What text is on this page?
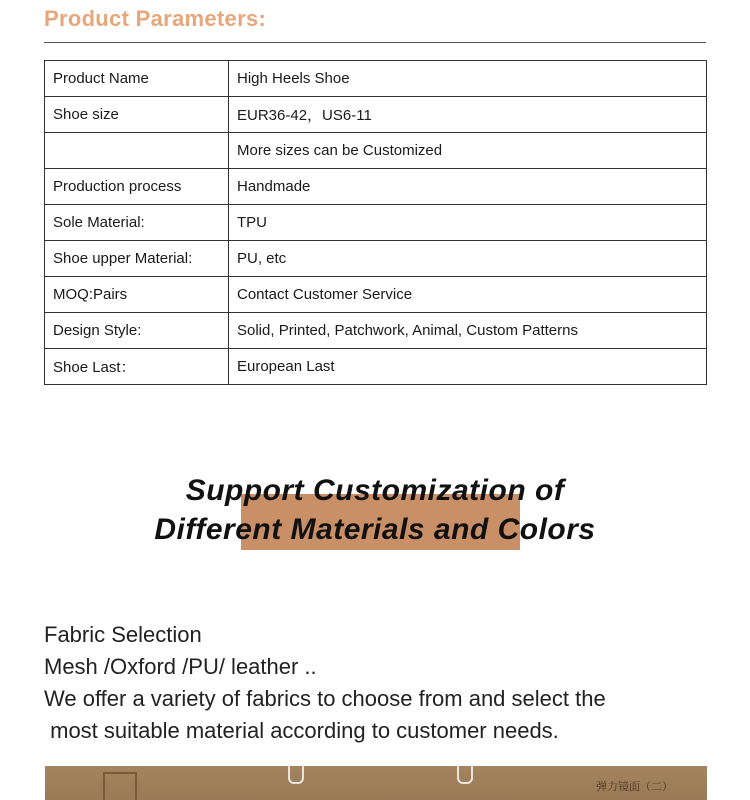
Product Parameters:
Product Name	High Heels Shoe
Shoe size	EUR36-42，US6-11
	More sizes can be Customized
Production process	Handmade
Sole Material:	TPU
Shoe upper Material:	PU, etc
MOQ:Pairs	Contact Customer Service
Design Style:	Solid, Printed, Patchwork, Animal, Custom Patterns
Shoe Last：	European Last
Support Customization of
Different Materials and Colors
Fabric Selection
Mesh /Oxford /PU/ leather ..
We offer a variety of fabrics to choose from and select the
most suitable material according to customer needs.
弹力镜面（二）
